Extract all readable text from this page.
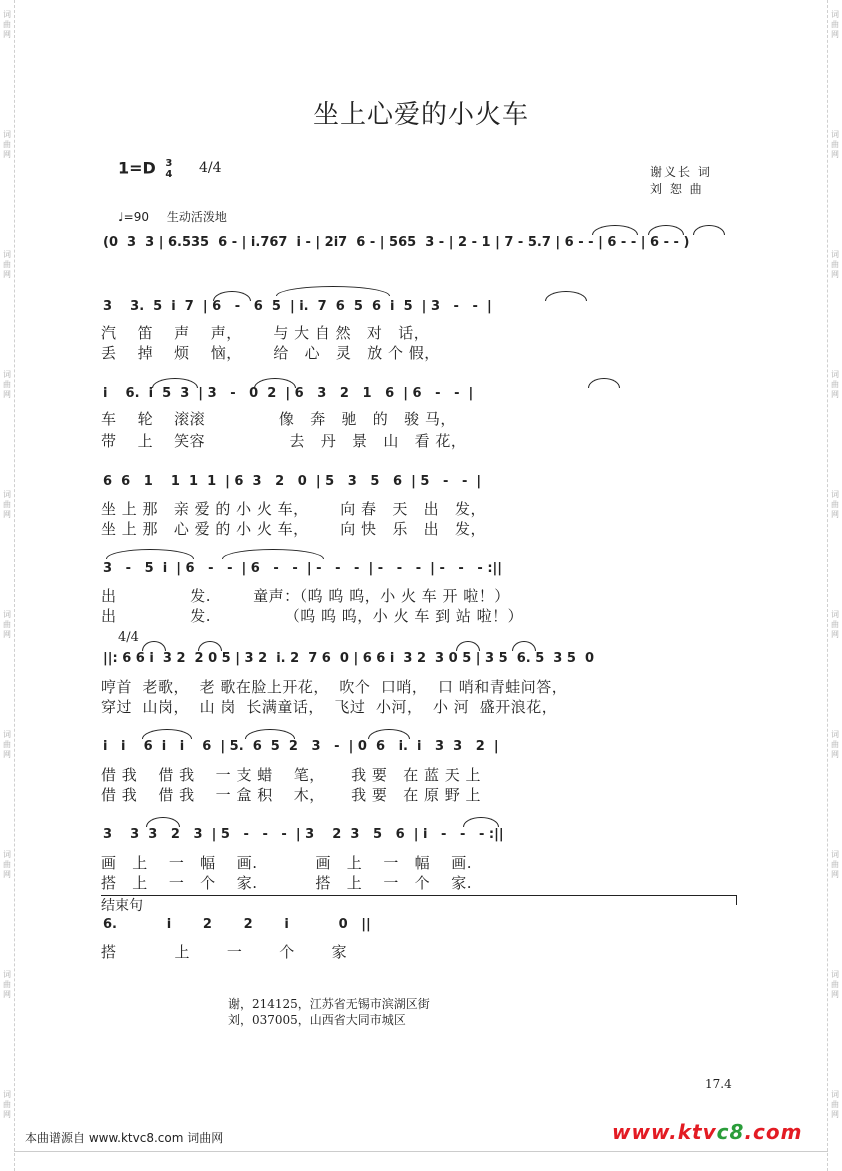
坐上心爱的小火车
1=D 3
4 4/4	谢义长 词
刘 恕 曲
♩=90 生动活泼地
(0  3  3 | 6.535  6 - | i.767  i - | 2i7  6 - | 565  3 - | 2 - 1 | 7 - 5.7 | 6 - - | 6 - - | 6 - - )
3    3.  5  i  7  | 6   -   6  5  | i.  7  6  5  6  i  5  | 3   -   -  |
汽    笛    声    声，      与 大 自 然   对   话，
丢    掉    烦    恼，      给   心   灵   放 个 假，
i    6.  i  5  3  | 3   -   0  2  | 6   3   2   1   6  | 6   -   -  |
车    轮    滚滚              像   奔   驰   的   骏 马，
带    上    笑容                去   丹   景   山   看 花，
6  6   1    1  1  1  | 6  3   2   0  | 5   3   5   6  | 5   -   -  |
坐 上 那   亲 爱 的 小 火 车，      向 春   天   出   发，
坐 上 那   心 爱 的 小 火 车，      向 快   乐   出   发，
3   -   5  i  | 6   -   -  | 6   -   -  | -   -   -  | -   -   -  | -   -   - :||
出              发.        童声：（呜 呜 呜，小 火 车 开 啦！）
出              发.              （呜 呜 呜，小 火 车 到 站 啦！）
4/4
||: 6 6 i  3 2  2 0 5 | 3 2  i. 2  7 6  0 | 6 6 i  3 2  3 0 5 | 3 5  6. 5  3 5  0
哼首  老歌，  老 歌在脸上开花，  吹个  口哨，  口 哨和青蛙问答，
穿过  山岗，  山 岗  长满童话，  飞过  小河，  小 河  盛开浪花，
i   i    6  i   i    6  | 5.  6  5  2   3   -  | 0  6   i.  i   3  3   2  |
借 我    借 我    一 支 蜡    笔，     我 要   在 蓝 天 上
借 我    借 我    一 盒 积    木，     我 要   在 原 野 上
3    3  3   2   3  | 5   -   -   -  | 3    2  3   5   6  | i   -   -   - :||
画   上    一   幅    画.           画   上    一   幅    画.
搭   上    一   个    家.           搭   上    一   个    家.
结束句
6.           i       2       2       i           0   ||
搭           上       一       个       家
谢，214125，江苏省无锡市滨湖区街
刘，037005，山西省大同市城区
17.4
本曲谱源自 www.ktvc8.com 词曲网	www.ktvc8.com
词
曲
网
词
曲
网
词
曲
网
词
曲
网
词
曲
网
词
曲
网
词
曲
网
词
曲
网
词
曲
网
词
曲
网
词
曲
网
词
曲
网
词
曲
网
词
曲
网
词
曲
网
词
曲
网
词
曲
网
词
曲
网
词
曲
网
词
曲
网
